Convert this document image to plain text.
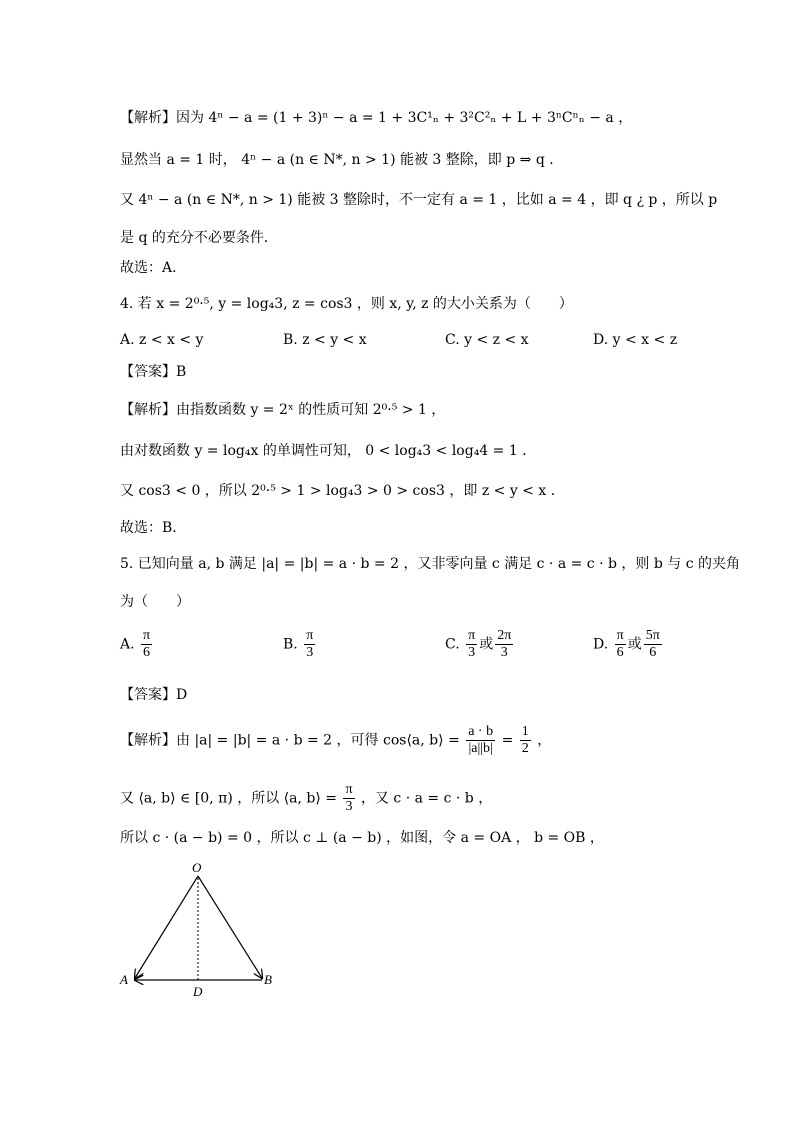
【解析】因为 4ⁿ − a = (1 + 3)ⁿ − a = 1 + 3C¹ₙ + 3²C²ₙ + L + 3ⁿCⁿₙ − a ，
显然当 a = 1 时， 4ⁿ − a (n ∈ N*, n > 1) 能被 3 整除，即 p ⇒ q ．
又 4ⁿ − a (n ∈ N*, n > 1) 能被 3 整除时，不一定有 a = 1 ，比如 a = 4 ，即 q ¿ p ，所以 p
是 q 的充分不必要条件．
故选：A．
4. 若 x = 2⁰·⁵, y = log₄3, z = cos3 ，则 x, y, z 的大小关系为（　　）
A. z < x < y	B. z < y < x	C. y < z < x	D. y < x < z
【答案】B
【解析】由指数函数 y = 2ˣ 的性质可知 2⁰·⁵ > 1 ，
由对数函数 y = log₄x 的单调性可知， 0 < log₄3 < log₄4 = 1 ．
又 cos3 < 0 ，所以 2⁰·⁵ > 1 > log₄3 > 0 > cos3 ，即 z < y < x ．
故选：B．
5. 已知向量 a, b 满足 |a| = |b| = a · b = 2 ，又非零向量 c 满足 c · a = c · b ，则 b 与 c 的夹角
为（　　）
A. $\frac{\pi}{6}$	B. $\frac{\pi}{3}$	C. $\frac{\pi}{3}$ 或 $\frac{2\pi}{3}$	D. $\frac{\pi}{6}$ 或 $\frac{5\pi}{6}$
【答案】D
【解析】由 |a| = |b| = a · b = 2 ，可得 cos⟨a, b⟩ = $\frac{a \cdot b}{|a||b|} = \frac{1}{2}$ ，
又 ⟨a, b⟩ ∈ [0, π) ，所以 ⟨a, b⟩ = $\frac{\pi}{3}$ ，又 c · a = c · b ，
所以 c · (a − b) = 0 ，所以 c ⊥ (a − b) ，如图，令 a = OA ， b = OB ，
O
A	B
D
